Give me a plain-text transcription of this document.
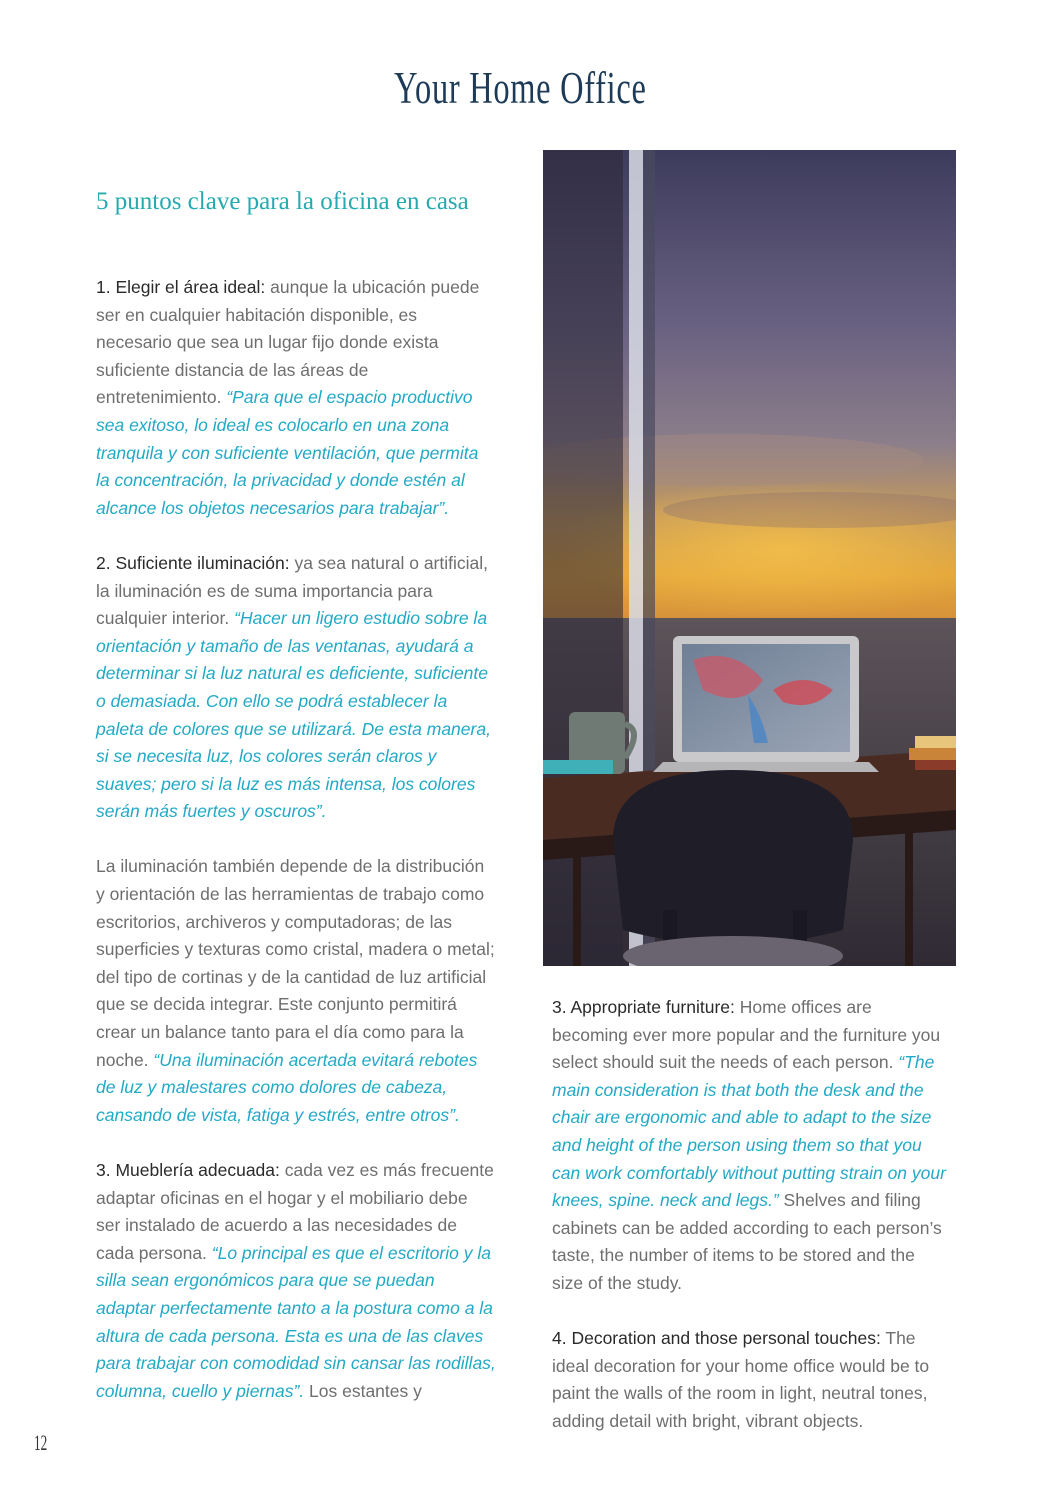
Your Home Office
5 puntos clave para la oficina en casa

1. Elegir el área ideal: aunque la ubicación puede ser en cualquier habitación disponible, es necesario que sea un lugar fijo donde exista suficiente distancia de las áreas de entretenimiento. “Para que el espacio productivo sea exitoso, lo ideal es colocarlo en una zona tranquila y con suficiente ventilación, que permita la concentración, la privacidad y donde estén al alcance los objetos necesarios para trabajar”.

2. Suficiente iluminación: ya sea natural o artificial, la iluminación es de suma importancia para cualquier interior. “Hacer un ligero estudio sobre la orientación y tamaño de las ventanas, ayudará a determinar si la luz natural es deficiente, suficiente o demasiada. Con ello se podrá establecer la paleta de colores que se utilizará. De esta manera, si se necesita luz, los colores serán claros y suaves; pero si la luz es más intensa, los colores serán más fuertes y oscuros”.

La iluminación también depende de la distribución y orientación de las herramientas de trabajo como escritorios, archiveros y computadoras; de las superficies y texturas como cristal, madera o metal; del tipo de cortinas y de la cantidad de luz artificial que se decida integrar. Este conjunto permitirá crear un balance tanto para el día como para la noche. “Una iluminación acertada evitará rebotes de luz y malestares como dolores de cabeza, cansando de vista, fatiga y estrés, entre otros”.

3. Mueblería adecuada: cada vez es más frecuente adaptar oficinas en el hogar y el mobiliario debe ser instalado de acuerdo a las necesidades de cada persona. “Lo principal es que el escritorio y la silla sean ergonómicos para que se puedan adaptar perfectamente tanto a la postura como a la altura de cada persona. Esta es una de las claves para trabajar con comodidad sin cansar las rodillas, columna, cuello y piernas”. Los estantes y

3. Appropriate furniture: Home offices are becoming ever more popular and the furniture you select should suit the needs of each person. “The main consideration is that both the desk and the chair are ergonomic and able to adapt to the size and height of the person using them so that you can work comfortably without putting strain on your knees, spine. neck and legs.” Shelves and filing cabinets can be added according to each person’s taste, the number of items to be stored and the size of the study.

4. Decoration and those personal touches: The ideal decoration for your home office would be to paint the walls of the room in light, neutral tones, adding detail with bright, vibrant objects.

12
